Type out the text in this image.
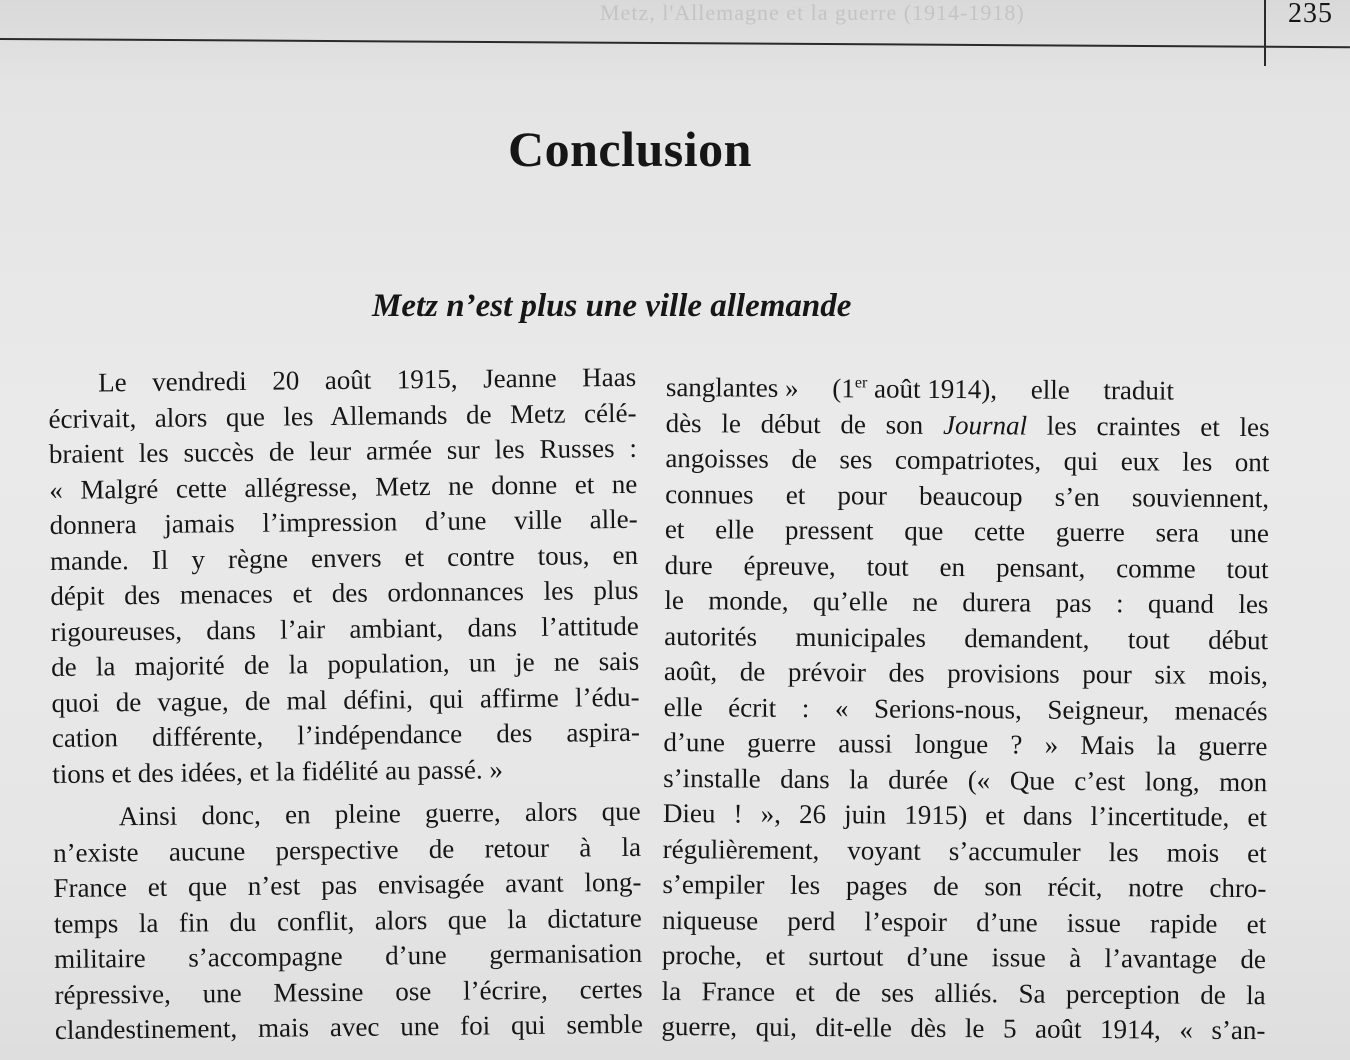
Metz, l'Allemagne et la guerre (1914-1918)	235
Conclusion
Metz n’est plus une ville allemande
Le vendredi 20 août 1915, Jeanne Haas
écrivait, alors que les Allemands de Metz célé-
braient les succès de leur armée sur les Russes :
« Malgré cette allégresse, Metz ne donne et ne
donnera jamais l’impression d’une ville alle-
mande. Il y règne envers et contre tous, en
dépit des menaces et des ordonnances les plus
rigoureuses, dans l’air ambiant, dans l’attitude
de la majorité de la population, un je ne sais
quoi de vague, de mal défini, qui affirme l’édu-
cation différente, l’indépendance des aspira-
tions et des idées, et la fidélité au passé. »
Ainsi donc, en pleine guerre, alors que
n’existe aucune perspective de retour à la
France et que n’est pas envisagée avant long-
temps la fin du conflit, alors que la dictature
militaire s’accompagne d’une germanisation
répressive, une Messine ose l’écrire, certes
clandestinement, mais avec une foi qui semble
sanglantes » (1er août 1914),     elle     traduit
dès le début de son Journal les craintes et les
angoisses de ses compatriotes, qui eux les ont
connues et pour beaucoup s’en souviennent,
et elle pressent que cette guerre sera une
dure épreuve, tout en pensant, comme tout
le monde, qu’elle ne durera pas : quand les
autorités municipales demandent, tout début
août, de prévoir des provisions pour six mois,
elle écrit : « Serions-nous, Seigneur, menacés
d’une guerre aussi longue ? » Mais la guerre
s’installe dans la durée (« Que c’est long, mon
Dieu ! », 26 juin 1915) et dans l’incertitude, et
régulièrement, voyant s’accumuler les mois et
s’empiler les pages de son récit, notre chro-
niqueuse perd l’espoir d’une issue rapide et
proche, et surtout d’une issue à l’avantage de
la France et de ses alliés. Sa perception de la
guerre, qui, dit-elle dès le 5 août 1914, « s’an-
